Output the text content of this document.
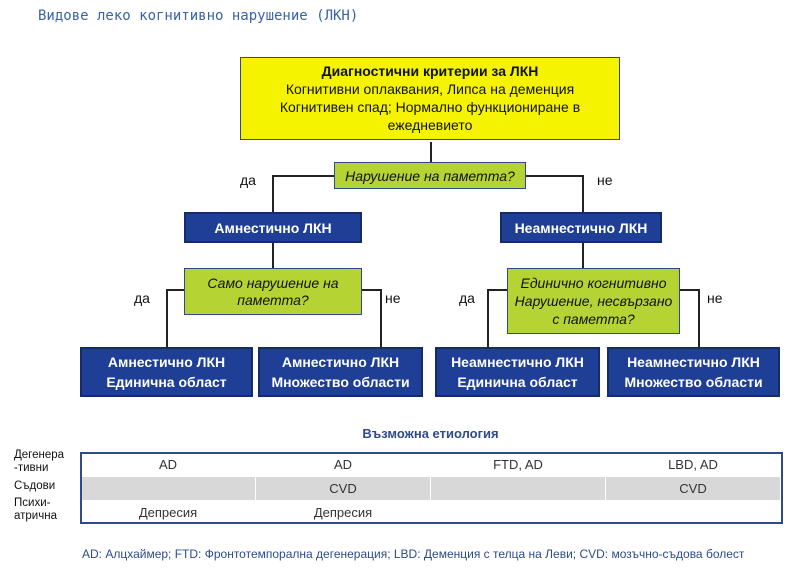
Видове леко когнитивно нарушение (ЛКН)
Диагностични критерии за ЛКН
Когнитивни оплаквания, Липса на деменция
Когнитивен спад; Нормално функциониране в ежедневието
Нарушение на паметта?
да	не
Амнестично ЛКН	Неамнестично ЛКН
Само нарушение на паметта?
Единично когнитивно Нарушение, несвързано с паметта?
да	не	да	не
Амнестично ЛКН
Единична област
Амнестично ЛКН
Множество области
Неамнестично ЛКН
Единична област
Неамнестично ЛКН
Множество области
Възможна етиология
Дегенера -тивни
Съдови
Психи- атрична
AD	AD	FTD, AD	LBD, AD
	CVD		CVD
Депресия	Депресия		
AD: Алцхаймер; FTD: Фронтотемпорална дегенерация; LBD: Деменция с телца на Леви; CVD: мозъчно-съдова болест
